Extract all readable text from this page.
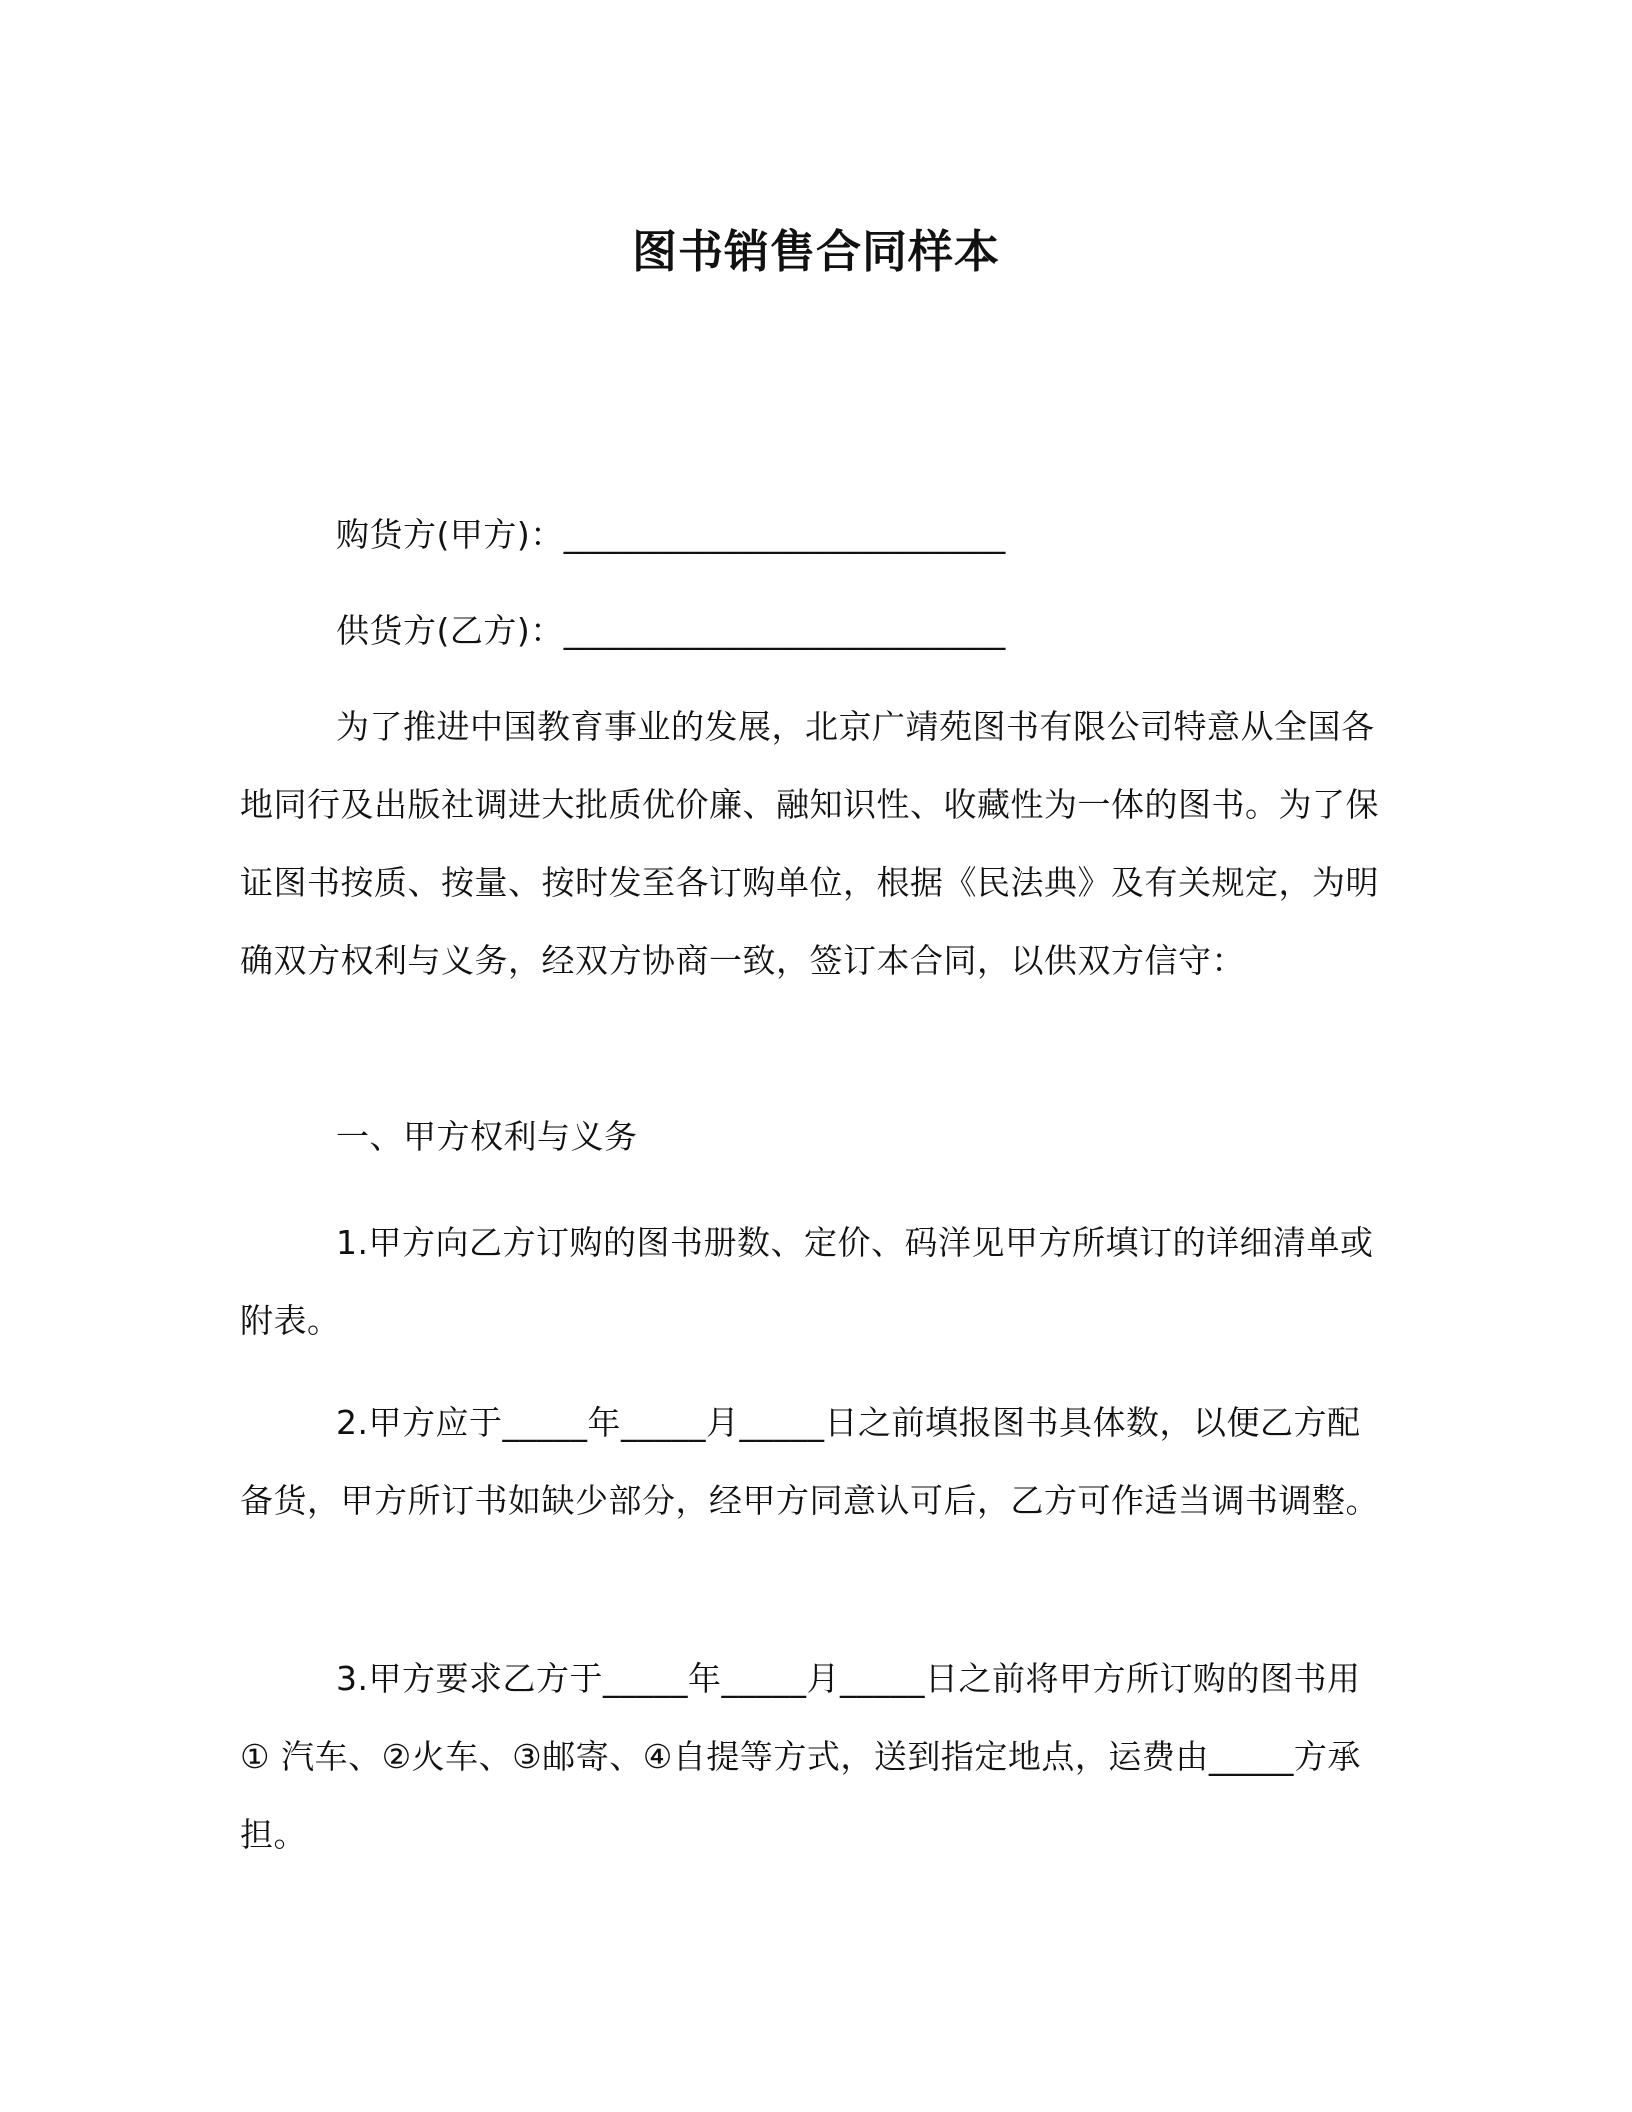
图书销售合同样本

购货方(甲方)：__________________________

供货方(乙方)：__________________________

为了推进中国教育事业的发展，北京广靖苑图书有限公司特意从全国各地同行及出版社调进大批质优价廉、融知识性、收藏性为一体的图书。为了保证图书按质、按量、按时发至各订购单位，根据《民法典》及有关规定，为明确双方权利与义务，经双方协商一致，签订本合同，以供双方信守：

一、甲方权利与义务

1.甲方向乙方订购的图书册数、定价、码洋见甲方所填订的详细清单或附表。

2.甲方应于_____年_____月_____日之前填报图书具体数，以便乙方配备货，甲方所订书如缺少部分，经甲方同意认可后，乙方可作适当调书调整。

3.甲方要求乙方于_____年_____月_____日之前将甲方所订购的图书用① 汽车、②火车、③邮寄、④自提等方式，送到指定地点，运费由_____方承担。
